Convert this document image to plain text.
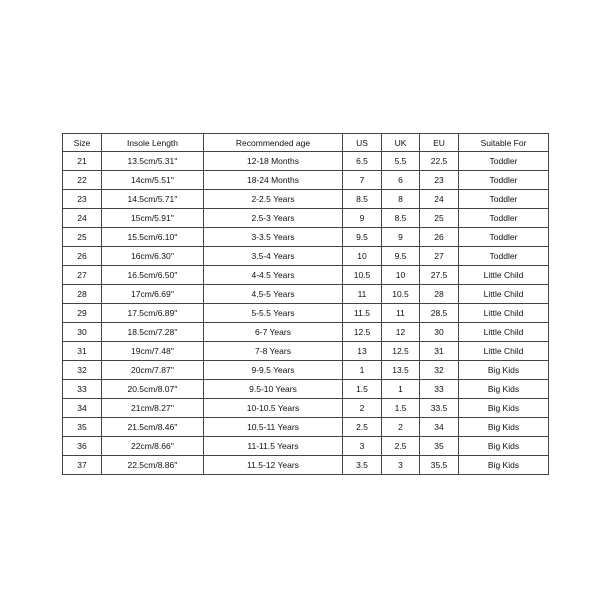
Size	Insole Length	Recommended age	US	UK	EU	Suitable For
21	13.5cm/5.31''	12-18 Months	6.5	5.5	22.5	Toddler
22	14cm/5.51''	18-24 Months	7	6	23	Toddler
23	14.5cm/5.71''	2-2.5 Years	8.5	8	24	Toddler
24	15cm/5.91''	2.5-3 Years	9	8.5	25	Toddler
25	15.5cm/6.10''	3-3.5 Years	9.5	9	26	Toddler
26	16cm/6.30''	3.5-4 Years	10	9.5	27	Toddler
27	16.5cm/6.50''	4-4.5 Years	10.5	10	27.5	Little Child
28	17cm/6.69''	4.5-5 Years	11	10.5	28	Little Child
29	17.5cm/6.89''	5-5.5 Years	11.5	11	28.5	Little Child
30	18.5cm/7.28''	6-7 Years	12.5	12	30	Little Child
31	19cm/7.48''	7-8 Years	13	12.5	31	Little Child
32	20cm/7.87''	9-9.5 Years	1	13.5	32	Big Kids
33	20.5cm/8.07''	9.5-10 Years	1.5	1	33	Big Kids
34	21cm/8.27''	10-10.5 Years	2	1.5	33.5	Big Kids
35	21.5cm/8.46''	10.5-11 Years	2.5	2	34	Big Kids
36	22cm/8.66''	11-11.5 Years	3	2.5	35	Big Kids
37	22.5cm/8.86''	11.5-12 Years	3.5	3	35.5	Big Kids
